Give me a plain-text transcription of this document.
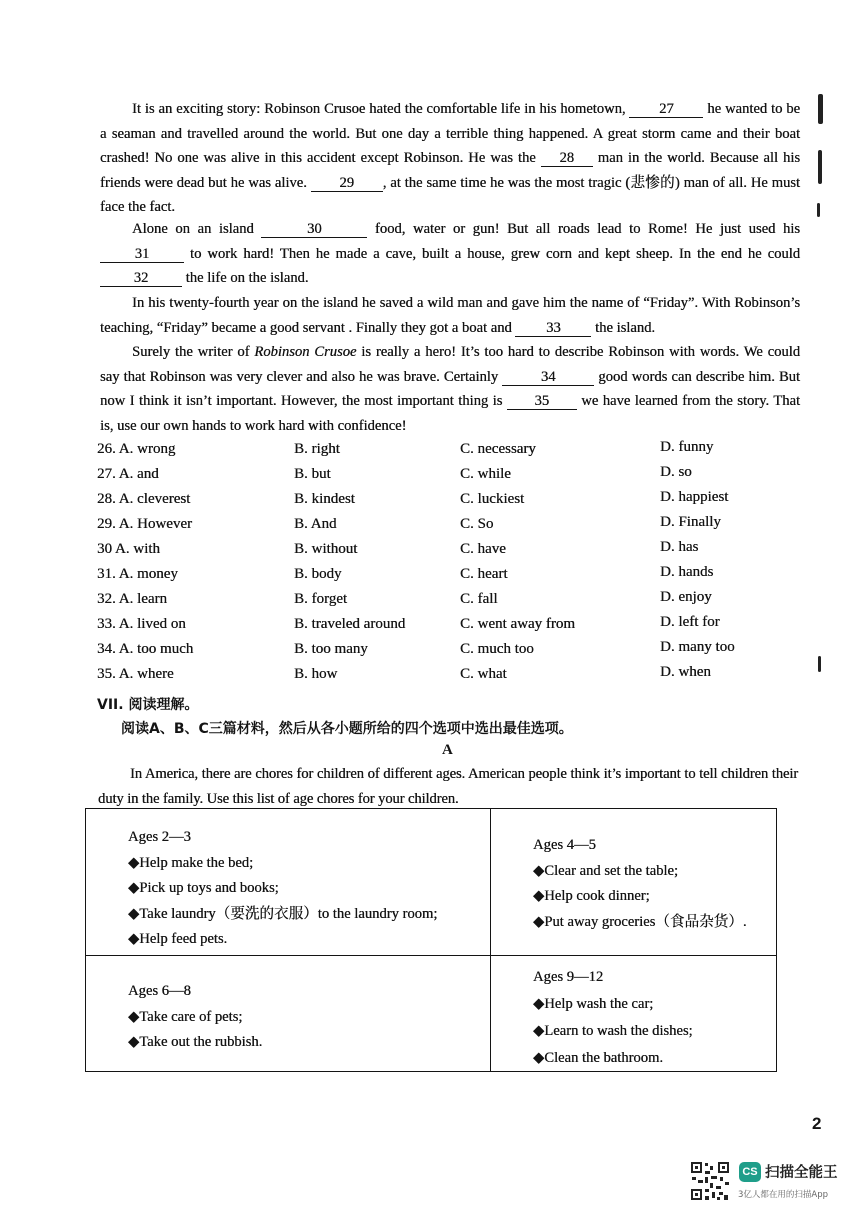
It is an exciting story: Robinson Crusoe hated the comfortable life in his hometown, 27 he wanted to be a seaman and travelled around the world. But one day a terrible thing happened. A great storm came and their boat crashed! No one was alive in this accident except Robinson. He was the 28 man in the world. Because all his friends were dead but he was alive. 29 , at the same time he was the most tragic (悲惨的) man of all. He must face the fact.
Alone on an island	30	food, water or gun! But all roads lead to Rome! He just used his 31 to work hard! Then he made a cave, built a house, grew corn and kept sheep. In the end he could 32 the life on the island.
In his twenty-fourth year on the island he saved a wild man and gave him the name of “Friday”. With Robinson’s teaching, “Friday” became a good servant . Finally they got a boat and 33 the island.
Surely the writer of Robinson Crusoe is really a hero! It’s too hard to describe Robinson with words. We could say that Robinson was very clever and also he was brave. Certainly	34	good words can describe him. But now I think it isn’t important. However, the most important thing is 35 we have learned from the story. That is, use our own hands to work hard with confidence!
26. A. wrong	B. right	C. necessary	D. funny
27. A. and	B. but	C. while	D. so
28. A. cleverest	B. kindest	C. luckiest	D. happiest
29. A. However	B. And	C. So	D. Finally
30 A. with	B. without	C. have	D. has
31. A. money	B. body	C. heart	D. hands
32. A. learn	B. forget	C. fall	D. enjoy
33. A. lived on	B. traveled around	C. went away from	D. left for
34. A. too much	B. too many	C. much too	D. many too
35. A. where	B. how	C. what	D. when
VII. 阅读理解。
阅读A、B、C三篇材料，然后从各小题所给的四个选项中选出最佳选项。
A
In America, there are chores for children of different ages. American people think it’s important to tell children their duty in the family. Use this list of age chores for your children.
Ages 2—3
◆Help make the bed;
◆Pick up toys and books;
◆Take laundry（要洗的衣服）to the laundry room;
◆Help feed pets.
Ages 4—5
◆Clear and set the table;
◆Help cook dinner;
◆Put away groceries（食品杂货）.
Ages 6—8
◆Take care of pets;
◆Take out the rubbish.
Ages 9—12
◆Help wash the car;
◆Learn to wash the dishes;
◆Clean the bathroom.
2
CS 扫描全能王
3亿人都在用的扫描App
